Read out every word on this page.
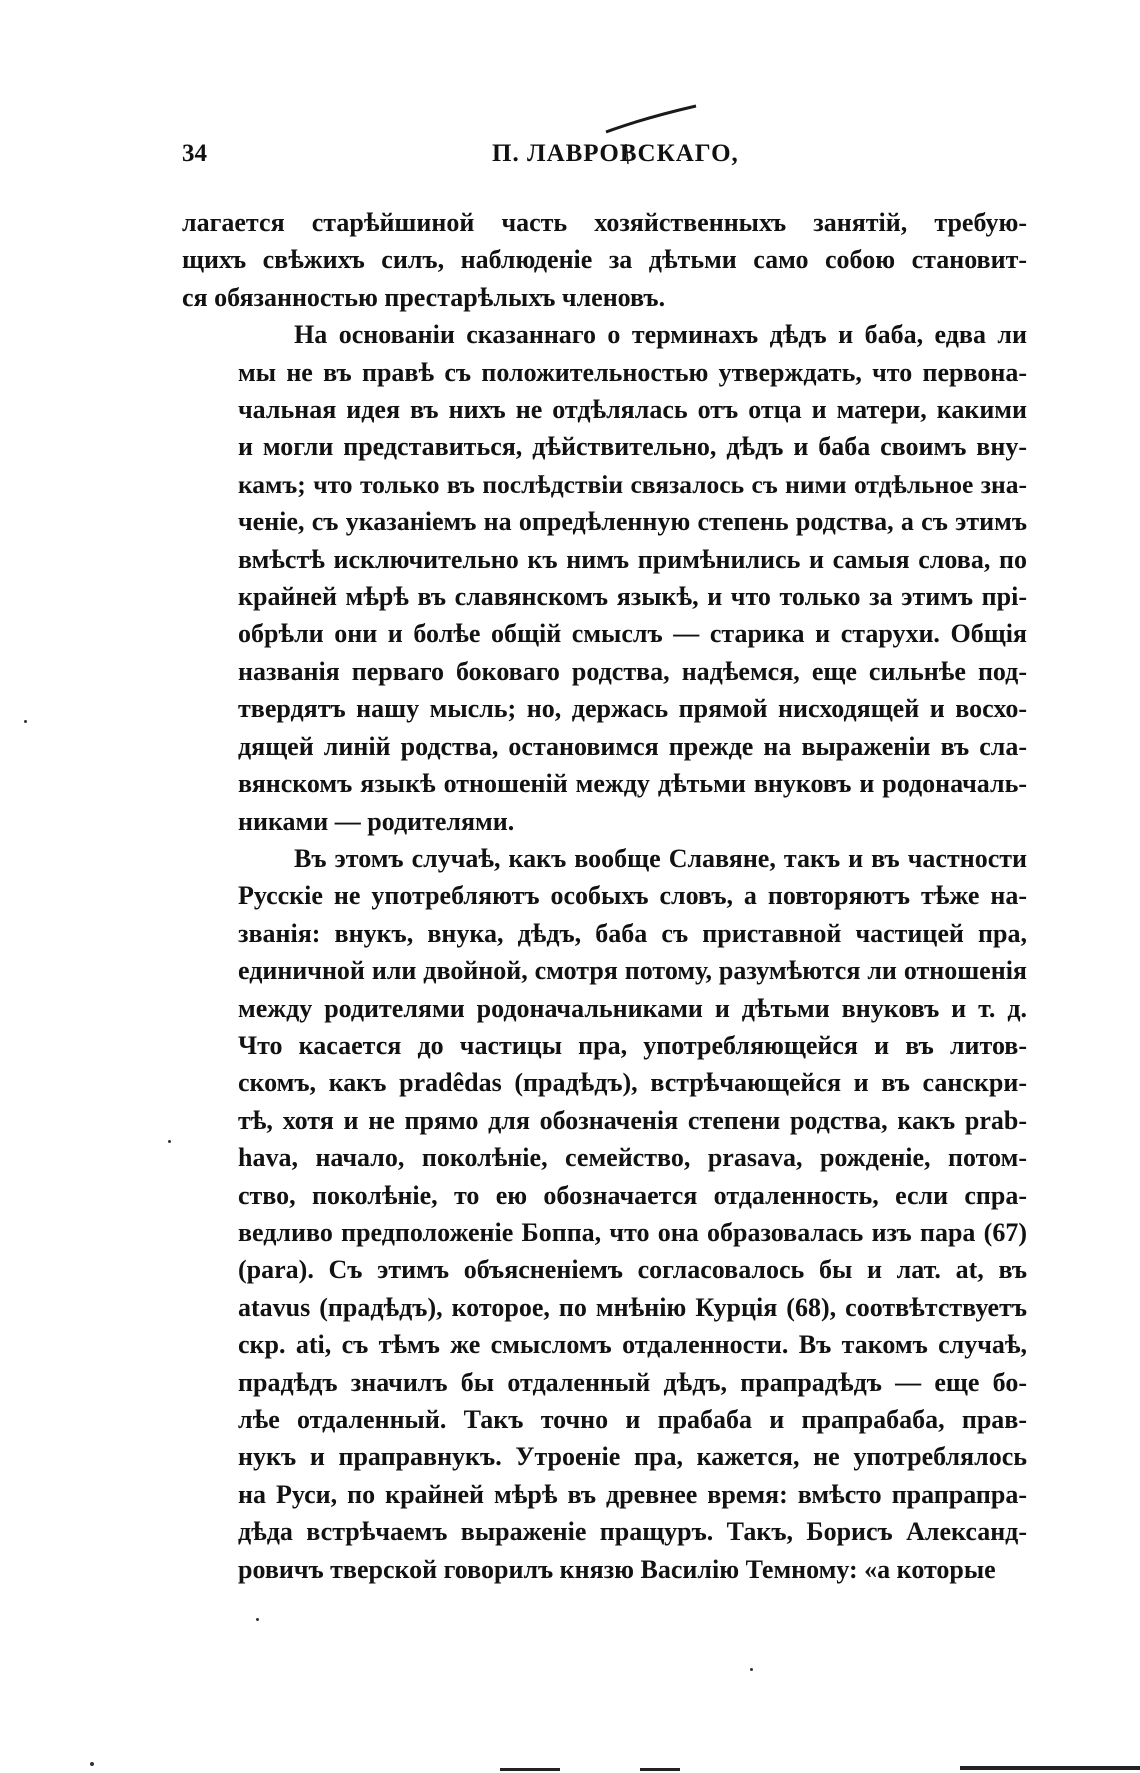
34	П. ЛАВРОВСКАГО,
лагается старѣйшиной часть хозяйственныхъ занятій, требую-
щихъ свѣжихъ силъ, наблюденіе за дѣтьми само собою становит-
ся обязанностью престарѣлыхъ членовъ.
На основаніи сказаннаго о терминахъ дѣдъ и баба, едва ли
мы не въ правѣ съ положительностью утверждать, что первона-
чальная идея въ нихъ не отдѣлялась отъ отца и матери, какими
и могли представиться, дѣйствительно, дѣдъ и баба своимъ вну-
камъ; что только въ послѣдствіи связалось съ ними отдѣльное зна-
ченіе, съ указаніемъ на опредѣленную степень родства, а съ этимъ
вмѣстѣ исключительно къ нимъ примѣнились и самыя слова, по
крайней мѣрѣ въ славянскомъ языкѣ, и что только за этимъ прі-
обрѣли они и болѣе общій смыслъ — старика и старухи. Общія
названія перваго боковаго родства, надѣемся, еще сильнѣе под-
твердятъ нашу мысль; но, держась прямой нисходящей и восхо-
дящей линій родства, остановимся прежде на выраженіи въ сла-
вянскомъ языкѣ отношеній между дѣтьми внуковъ и родоначаль-
никами — родителями.
Въ этомъ случаѣ, какъ вообще Славяне, такъ и въ частности
Русскіе не употребляютъ особыхъ словъ, а повторяютъ тѣже на-
званія: внукъ, внука, дѣдъ, баба съ приставной частицей пра,
единичной или двойной, смотря потому, разумѣются ли отношенія
между родителями родоначальниками и дѣтьми внуковъ и т. д.
Что касается до частицы пра, употребляющейся и въ литов-
скомъ, какъ pradêdas (прадѣдъ), встрѣчающейся и въ санскри-
тѣ, хотя и не прямо для обозначенія степени родства, какъ prab-
hava, начало, поколѣніе, семейство, prasava, рожденіе, потом-
ство, поколѣніе, то ею обозначается отдаленность, если спра-
ведливо предположеніе Боппа, что она образовалась изъ пара (67)
(para). Съ этимъ объясненіемъ согласовалось бы и лат. at, въ
atavus (прадѣдъ), которое, по мнѣнію Курція (68), соотвѣтствуетъ
скр. ati, съ тѣмъ же смысломъ отдаленности. Въ такомъ случаѣ,
прадѣдъ значилъ бы отдаленный дѣдъ, прапрадѣдъ — еще бо-
лѣе отдаленный. Такъ точно и прабаба и прапрабаба, прав-
нукъ и праправнукъ. Утроеніе пра, кажется, не употреблялось
на Руси, по крайней мѣрѣ въ древнее время: вмѣсто прапрапра-
дѣда встрѣчаемъ выраженіе пращуръ. Такъ, Борисъ Александ-
ровичъ тверской говорилъ князю Василію Темному: «а которые
